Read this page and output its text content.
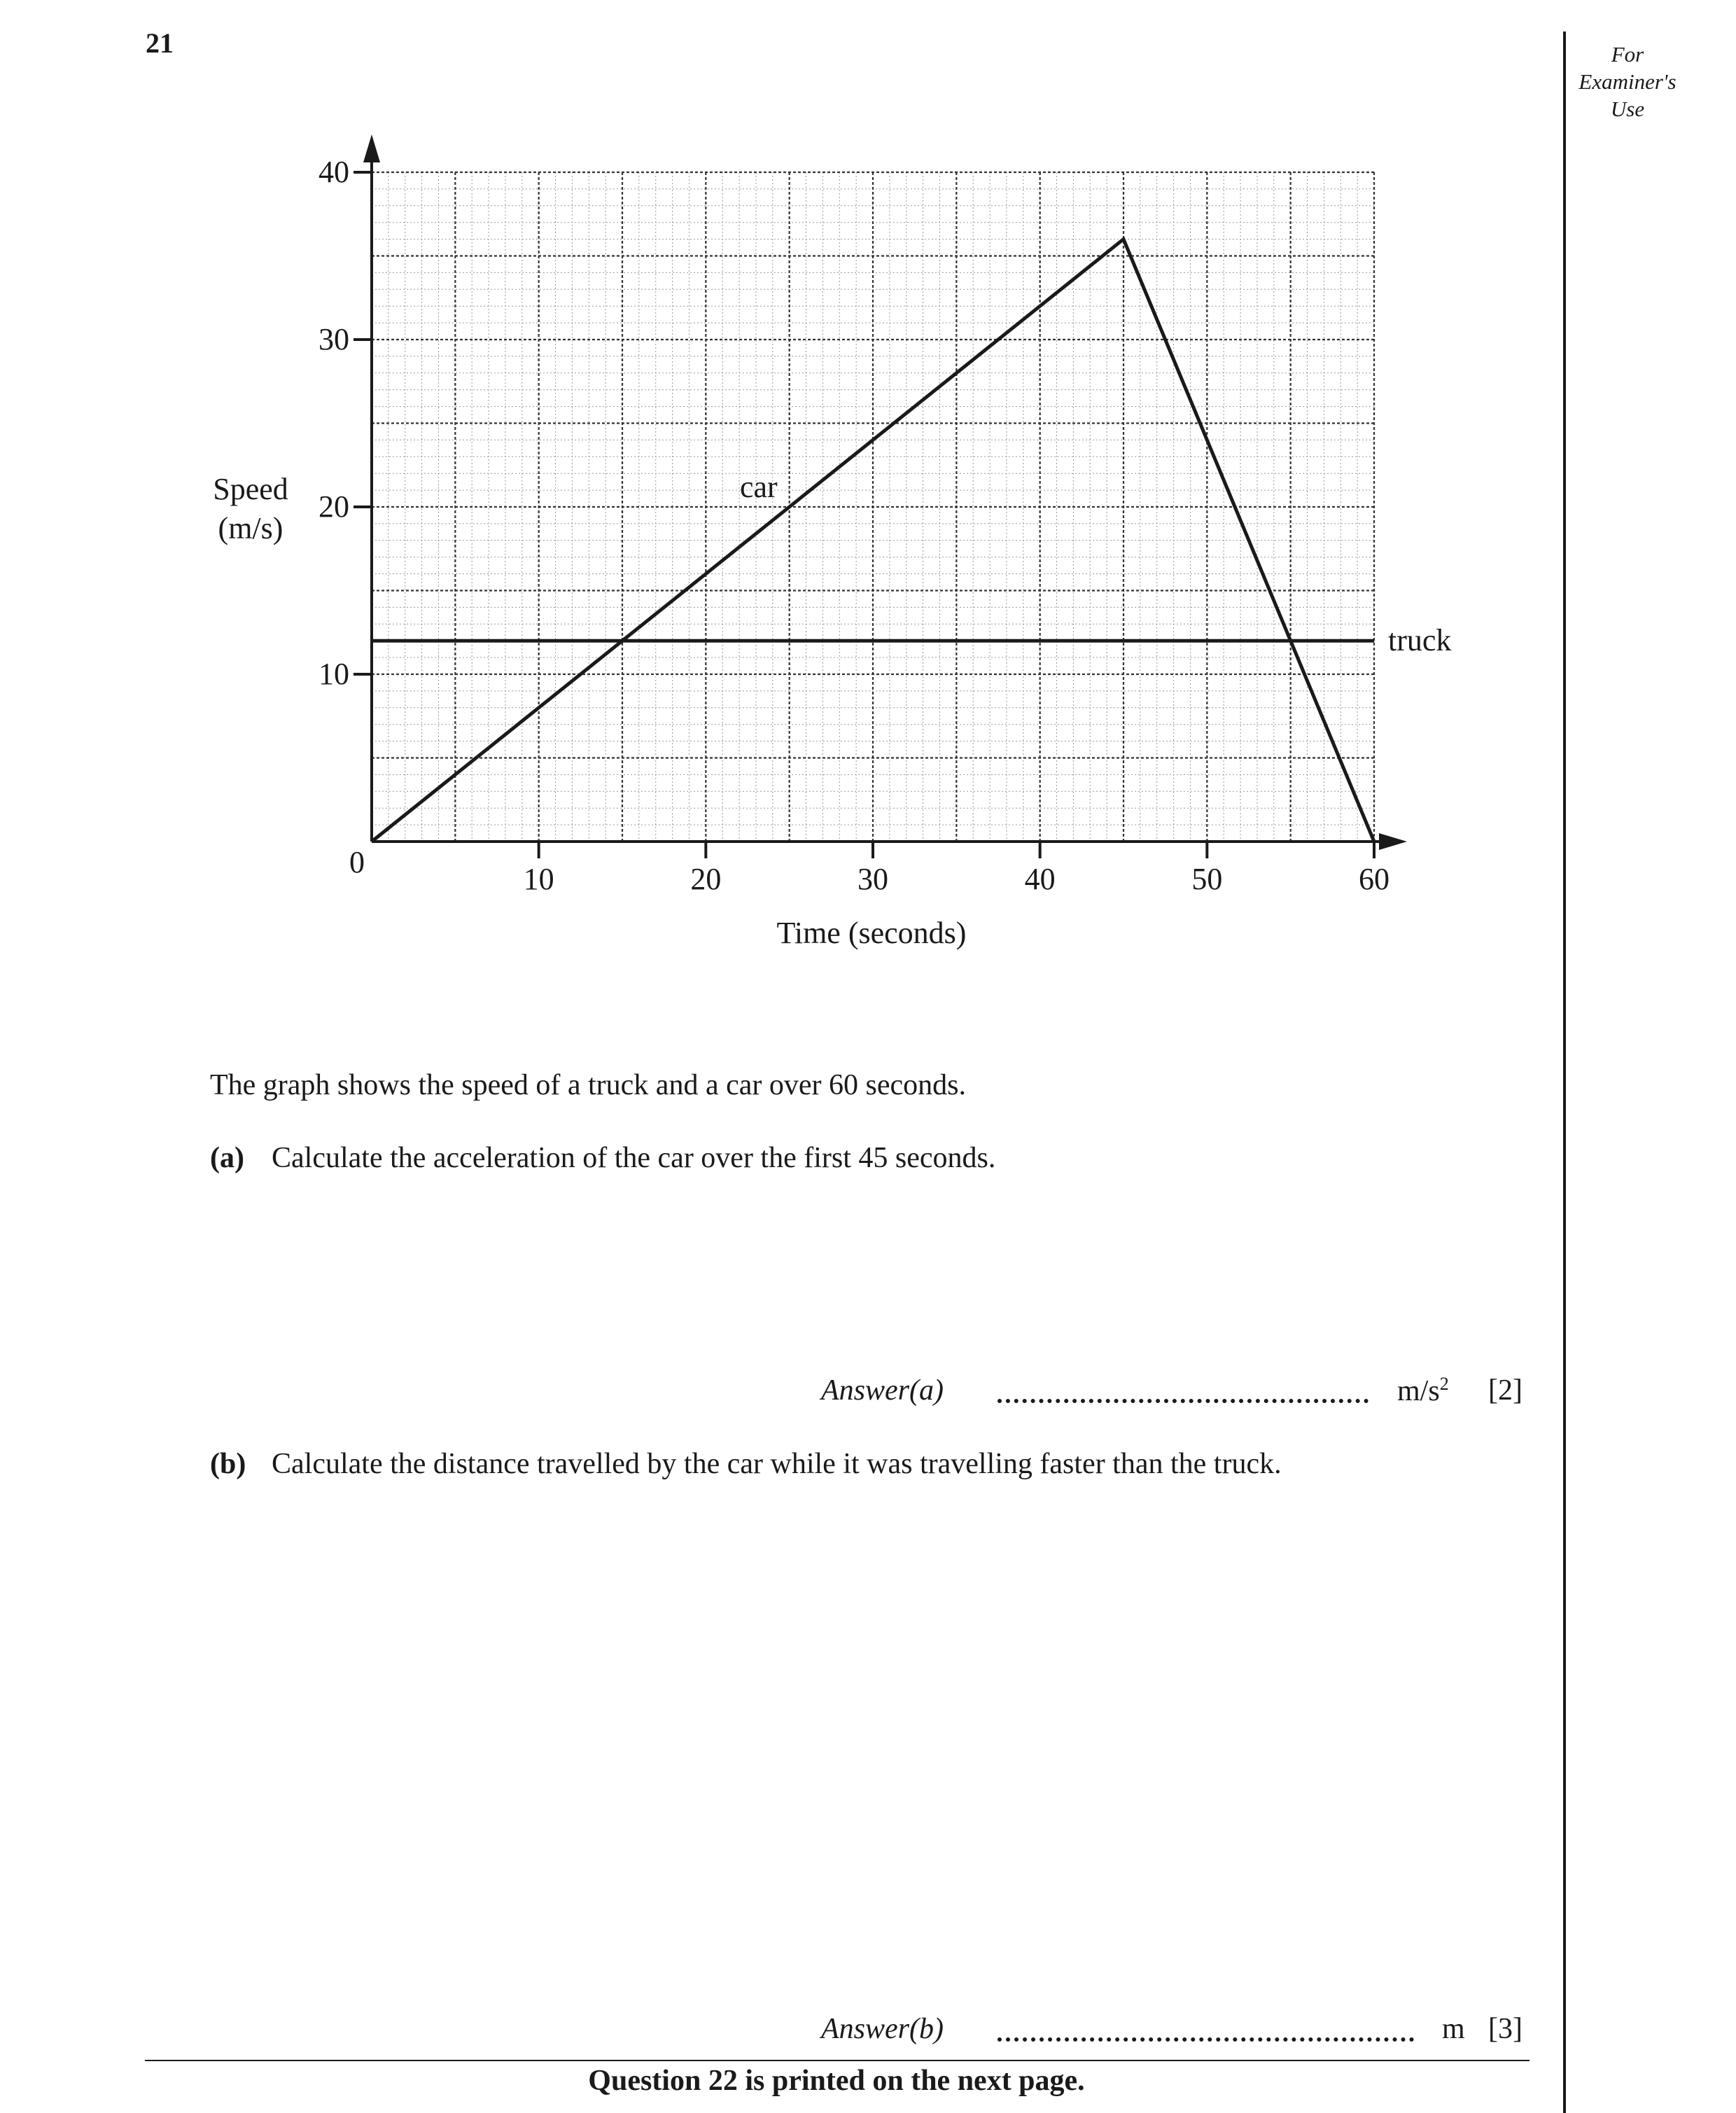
21	For
Examiner's
Use
10
20
30
40
10	20	30	40	50	60
0
car
truck
Speed
(m/s)
Time (seconds)
The graph shows the speed of a truck and a car over 60 seconds.
(a) Calculate the acceleration of the car over the first 45 seconds.
Answer(a)	$m/s^2$ [2]
(b) Calculate the distance travelled by the car while it was travelling faster than the truck.
Answer(b)	m [3]
Question 22 is printed on the next page.
